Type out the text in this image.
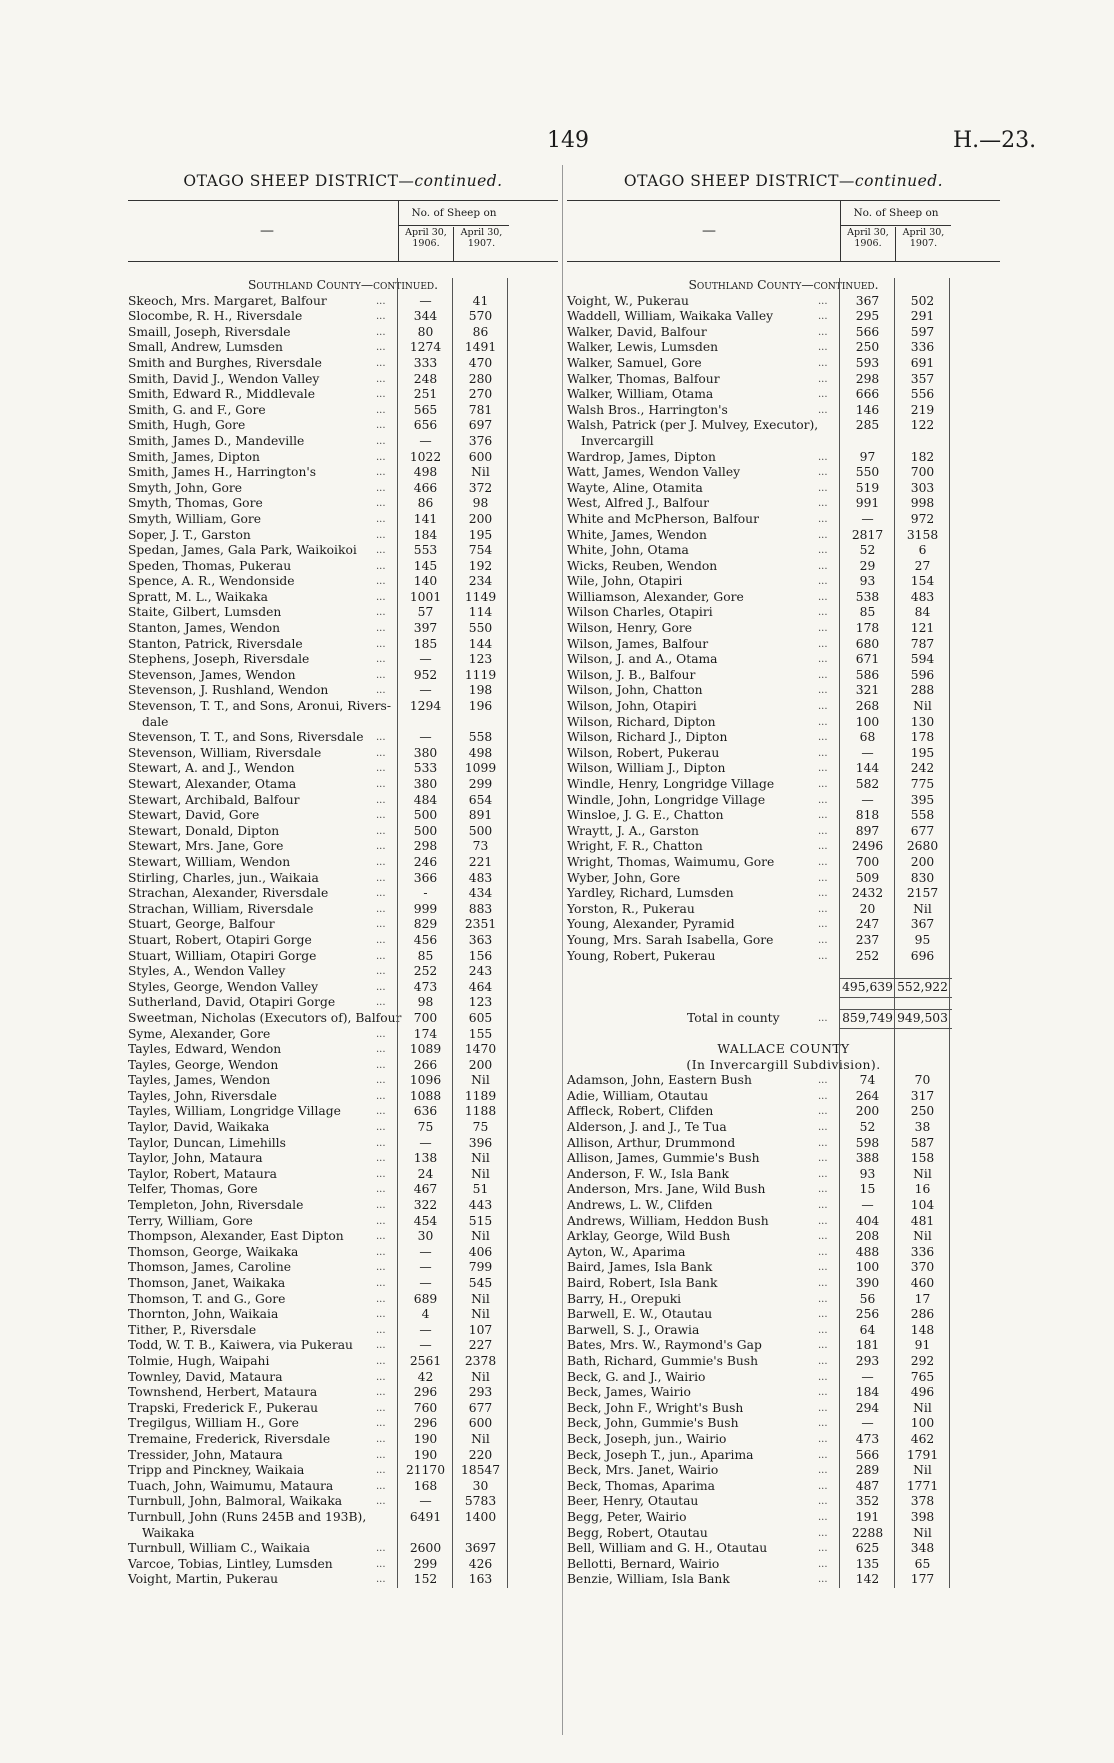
149	H.—23.
OTAGO SHEEP DISTRICT—continued.
—
No. of Sheep on
April 30, 1906.
April 30, 1907.
Southland County—continued.
Skeoch, Mrs. Margaret, Balfour	...	—	41
Slocombe, R. H., Riversdale	...	344	570
Smaill, Joseph, Riversdale	...	80	86
Small, Andrew, Lumsden	...	1274	1491
Smith and Burghes, Riversdale	...	333	470
Smith, David J., Wendon Valley	...	248	280
Smith, Edward R., Middlevale	...	251	270
Smith, G. and F., Gore	...	565	781
Smith, Hugh, Gore	...	656	697
Smith, James D., Mandeville	...	—	376
Smith, James, Dipton	...	1022	600
Smith, James H., Harrington's	...	498	Nil
Smyth, John, Gore	...	466	372
Smyth, Thomas, Gore	...	86	98
Smyth, William, Gore	...	141	200
Soper, J. T., Garston	...	184	195
Spedan, James, Gala Park, Waikoikoi ...	553	754
Speden, Thomas, Pukerau	...	145	192
Spence, A. R., Wendonside	...	140	234
Spratt, M. L., Waikaka	...	1001	1149
Staite, Gilbert, Lumsden	...	57	114
Stanton, James, Wendon	...	397	550
Stanton, Patrick, Riversdale	...	185	144
Stephens, Joseph, Riversdale	...	—	123
Stevenson, James, Wendon	...	952	1119
Stevenson, J. Rushland, Wendon	...	—	198
Stevenson, T. T., and Sons, Aronui, Rivers-	1294	196
dale
Stevenson, T. T., and Sons, Riversdale ...	—	558
Stevenson, William, Riversdale	...	380	498
Stewart, A. and J., Wendon	...	533	1099
Stewart, Alexander, Otama	...	380	299
Stewart, Archibald, Balfour	...	484	654
Stewart, David, Gore	...	500	891
Stewart, Donald, Dipton	...	500	500
Stewart, Mrs. Jane, Gore	...	298	73
Stewart, William, Wendon	...	246	221
Stirling, Charles, jun., Waikaia	...	366	483
Strachan, Alexander, Riversdale	...	-	434
Strachan, William, Riversdale	...	999	883
Stuart, George, Balfour	...	829	2351
Stuart, Robert, Otapiri Gorge	...	456	363
Stuart, William, Otapiri Gorge	...	85	156
Styles, A., Wendon Valley	...	252	243
Styles, George, Wendon Valley	...	473	464
Sutherland, David, Otapiri Gorge	...	98	123
Sweetman, Nicholas (Executors of), Balfour	700	605
Syme, Alexander, Gore	...	174	155
Tayles, Edward, Wendon	...	1089	1470
Tayles, George, Wendon	...	266	200
Tayles, James, Wendon	...	1096	Nil
Tayles, John, Riversdale	...	1088	1189
Tayles, William, Longridge Village	...	636	1188
Taylor, David, Waikaka	...	75	75
Taylor, Duncan, Limehills	...	—	396
Taylor, John, Mataura	...	138	Nil
Taylor, Robert, Mataura	...	24	Nil
Telfer, Thomas, Gore	...	467	51
Templeton, John, Riversdale	...	322	443
Terry, William, Gore	...	454	515
Thompson, Alexander, East Dipton	...	30	Nil
Thomson, George, Waikaka	...	—	406
Thomson, James, Caroline	...	—	799
Thomson, Janet, Waikaka	...	—	545
Thomson, T. and G., Gore	...	689	Nil
Thornton, John, Waikaia	...	4	Nil
Tither, P., Riversdale	...	—	107
Todd, W. T. B., Kaiwera, via Pukerau ...	—	227
Tolmie, Hugh, Waipahi	...	2561	2378
Townley, David, Mataura	...	42	Nil
Townshend, Herbert, Mataura	...	296	293
Trapski, Frederick F., Pukerau	...	760	677
Tregilgus, William H., Gore	...	296	600
Tremaine, Frederick, Riversdale	...	190	Nil
Tressider, John, Mataura	...	190	220
Tripp and Pinckney, Waikaia	...	21170	18547
Tuach, John, Waimumu, Mataura	...	168	30
Turnbull, John, Balmoral, Waikaka	...	—	5783
Turnbull, John (Runs 245B and 193B),	6491	1400
Waikaka
Turnbull, William C., Waikaia	...	2600	3697
Varcoe, Tobias, Lintley, Lumsden	...	299	426
Voight, Martin, Pukerau	...	152	163
OTAGO SHEEP DISTRICT—continued.
—
No. of Sheep on
April 30, 1906.
April 30, 1907.
Southland County—continued.
Voight, W., Pukerau	...	367	502
Waddell, William, Waikaka Valley	...	295	291
Walker, David, Balfour	...	566	597
Walker, Lewis, Lumsden	...	250	336
Walker, Samuel, Gore	...	593	691
Walker, Thomas, Balfour	...	298	357
Walker, William, Otama	...	666	556
Walsh Bros., Harrington's	...	146	219
Walsh, Patrick (per J. Mulvey, Executor),	285	122
Invercargill
Wardrop, James, Dipton	...	97	182
Watt, James, Wendon Valley	...	550	700
Wayte, Aline, Otamita	...	519	303
West, Alfred J., Balfour	...	991	998
White and McPherson, Balfour	...	—	972
White, James, Wendon	...	2817	3158
White, John, Otama	...	52	6
Wicks, Reuben, Wendon	...	29	27
Wile, John, Otapiri	...	93	154
Williamson, Alexander, Gore	...	538	483
Wilson Charles, Otapiri	...	85	84
Wilson, Henry, Gore	...	178	121
Wilson, James, Balfour	...	680	787
Wilson, J. and A., Otama	...	671	594
Wilson, J. B., Balfour	...	586	596
Wilson, John, Chatton	...	321	288
Wilson, John, Otapiri	...	268	Nil
Wilson, Richard, Dipton	...	100	130
Wilson, Richard J., Dipton	...	68	178
Wilson, Robert, Pukerau	...	—	195
Wilson, William J., Dipton	...	144	242
Windle, Henry, Longridge Village	...	582	775
Windle, John, Longridge Village	...	—	395
Winsloe, J. G. E., Chatton	...	818	558
Wraytt, J. A., Garston	...	897	677
Wright, F. R., Chatton	...	2496	2680
Wright, Thomas, Waimumu, Gore	...	700	200
Wyber, John, Gore	...	509	830
Yardley, Richard, Lumsden	...	2432	2157
Yorston, R., Pukerau	...	20	Nil
Young, Alexander, Pyramid	...	247	367
Young, Mrs. Sarah Isabella, Gore	...	237	95
Young, Robert, Pukerau	...	252	696
495,639 552,922
Total in county	... 859,749 949,503
WALLACE COUNTY
(In Invercargill Subdivision).
Adamson, John, Eastern Bush	...	74	70
Adie, William, Otautau	...	264	317
Affleck, Robert, Clifden	...	200	250
Alderson, J. and J., Te Tua	...	52	38
Allison, Arthur, Drummond	...	598	587
Allison, James, Gummie's Bush	...	388	158
Anderson, F. W., Isla Bank	...	93	Nil
Anderson, Mrs. Jane, Wild Bush	...	15	16
Andrews, L. W., Clifden	...	—	104
Andrews, William, Heddon Bush	...	404	481
Arklay, George, Wild Bush	...	208	Nil
Ayton, W., Aparima	...	488	336
Baird, James, Isla Bank	...	100	370
Baird, Robert, Isla Bank	...	390	460
Barry, H., Orepuki	...	56	17
Barwell, E. W., Otautau	...	256	286
Barwell, S. J., Orawia	...	64	148
Bates, Mrs. W., Raymond's Gap	...	181	91
Bath, Richard, Gummie's Bush	...	293	292
Beck, G. and J., Wairio	...	—	765
Beck, James, Wairio	...	184	496
Beck, John F., Wright's Bush	...	294	Nil
Beck, John, Gummie's Bush	...	—	100
Beck, Joseph, jun., Wairio	...	473	462
Beck, Joseph T., jun., Aparima	...	566	1791
Beck, Mrs. Janet, Wairio	...	289	Nil
Beck, Thomas, Aparima	...	487	1771
Beer, Henry, Otautau	...	352	378
Begg, Peter, Wairio	...	191	398
Begg, Robert, Otautau	...	2288	Nil
Bell, William and G. H., Otautau	...	625	348
Bellotti, Bernard, Wairio	...	135	65
Benzie, William, Isla Bank	...	142	177
